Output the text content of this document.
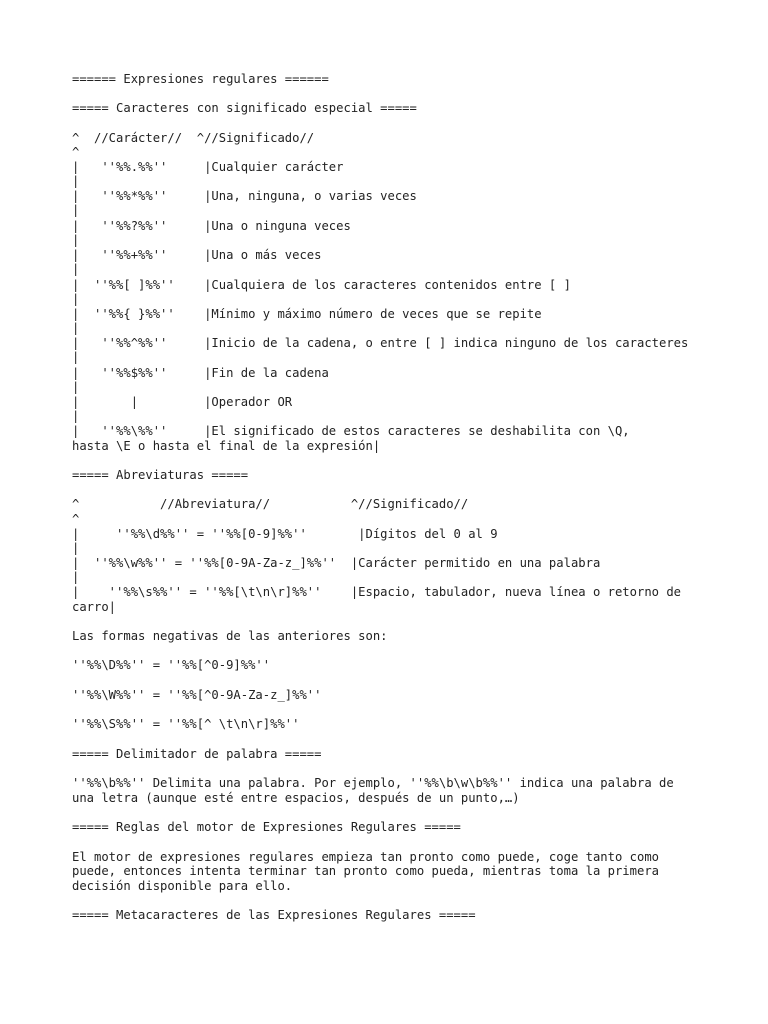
====== Expresiones regulares ======
===== Caracteres con significado especial =====
^  //Carácter//  ^//Significado//
^
|   ''%%.%%''     |Cualquier carácter
|
|   ''%%*%%''     |Una, ninguna, o varias veces
|
|   ''%%?%%''     |Una o ninguna veces
|
|   ''%%+%%''     |Una o más veces
|
|  ''%%[ ]%%''    |Cualquiera de los caracteres contenidos entre [ ]
|
|  ''%%{ }%%''    |Mínimo y máximo número de veces que se repite
|
|   ''%%^%%''     |Inicio de la cadena, o entre [ ] indica ninguno de los caracteres
|
|   ''%%$%%''     |Fin de la cadena
|
|       |         |Operador OR
|
|   ''%%\%%''     |El significado de estos caracteres se deshabilita con \Q,
hasta \E o hasta el final de la expresión|
===== Abreviaturas =====
^           //Abreviatura//           ^//Significado//
^
|     ''%%\d%%'' = ''%%[0-9]%%''       |Dígitos del 0 al 9
|
|  ''%%\w%%'' = ''%%[0-9A-Za-z_]%%''  |Carácter permitido en una palabra
|
|    ''%%\s%%'' = ''%%[\t\n\r]%%''    |Espacio, tabulador, nueva línea o retorno de
carro|
Las formas negativas de las anteriores son:
''%%\D%%'' = ''%%[^0-9]%%''
''%%\W%%'' = ''%%[^0-9A-Za-z_]%%''
''%%\S%%'' = ''%%[^ \t\n\r]%%''
===== Delimitador de palabra =====
''%%\b%%'' Delimita una palabra. Por ejemplo, ''%%\b\w\b%%'' indica una palabra de
una letra (aunque esté entre espacios, después de un punto,…)
===== Reglas del motor de Expresiones Regulares =====
El motor de expresiones regulares empieza tan pronto como puede, coge tanto como
puede, entonces intenta terminar tan pronto como pueda, mientras toma la primera
decisión disponible para ello.
===== Metacaracteres de las Expresiones Regulares =====
